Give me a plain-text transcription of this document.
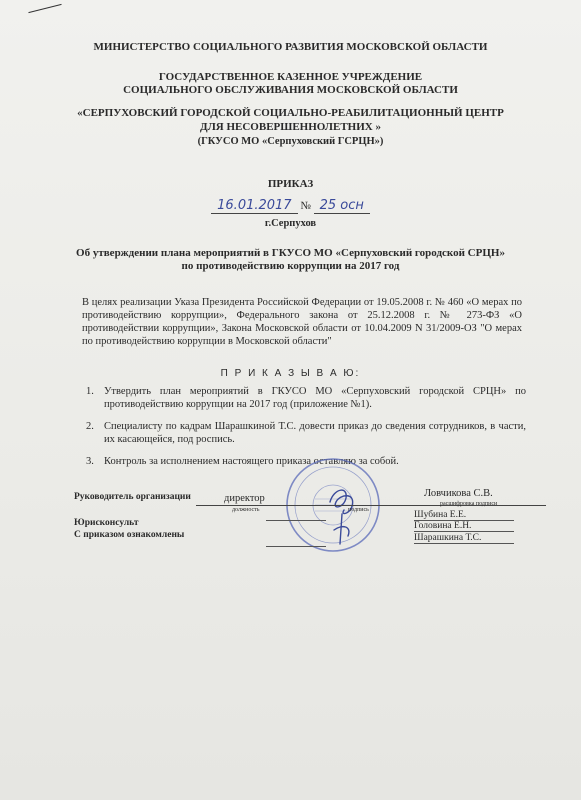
МИНИСТЕРСТВО СОЦИАЛЬНОГО РАЗВИТИЯ МОСКОВСКОЙ ОБЛАСТИ
ГОСУДАРСТВЕННОЕ КАЗЕННОЕ УЧРЕЖДЕНИЕ
СОЦИАЛЬНОГО ОБСЛУЖИВАНИЯ МОСКОВСКОЙ ОБЛАСТИ
«СЕРПУХОВСКИЙ ГОРОДСКОЙ СОЦИАЛЬНО-РЕАБИЛИТАЦИОННЫЙ ЦЕНТР
ДЛЯ НЕСОВЕРШЕННОЛЕТНИХ »
(ГКУСО МО «Серпуховский ГСРЦН»)
ПРИКАЗ
16.01.2017 № 25 осн
г.Серпухов
Об утверждении плана мероприятий в ГКУСО МО «Серпуховский городской СРЦН»
по противодействию коррупции на 2017 год
В целях реализации Указа Президента Российской Федерации от 19.05.2008 г. № 460 «О мерах по противодействию коррупции», Федерального закона от 25.12.2008 г. № 273-ФЗ «О противодействии коррупции», Закона Московской области от 10.04.2009 N 31/2009-ОЗ "О мерах по противодействию коррупции в Московской области"
П Р И К А З Ы В А Ю:
1. Утвердить план мероприятий в ГКУСО МО «Серпуховский городской СРЦН» по противодействию коррупции на 2017 год (приложение №1).
2. Специалисту по кадрам Шарашкиной Т.С. довести приказ до сведения сотрудников, в части, их касающейся, под роспись.
3. Контроль за исполнением настоящего приказа оставляю за собой.
Руководитель организации	директор	Ловчикова С.В.
должность	подпись
расшифровка подписи
Юрисконсульт
С приказом ознакомлены
Шубина Е.Е.
Головина Е.Н.
Шарашкина Т.С.
